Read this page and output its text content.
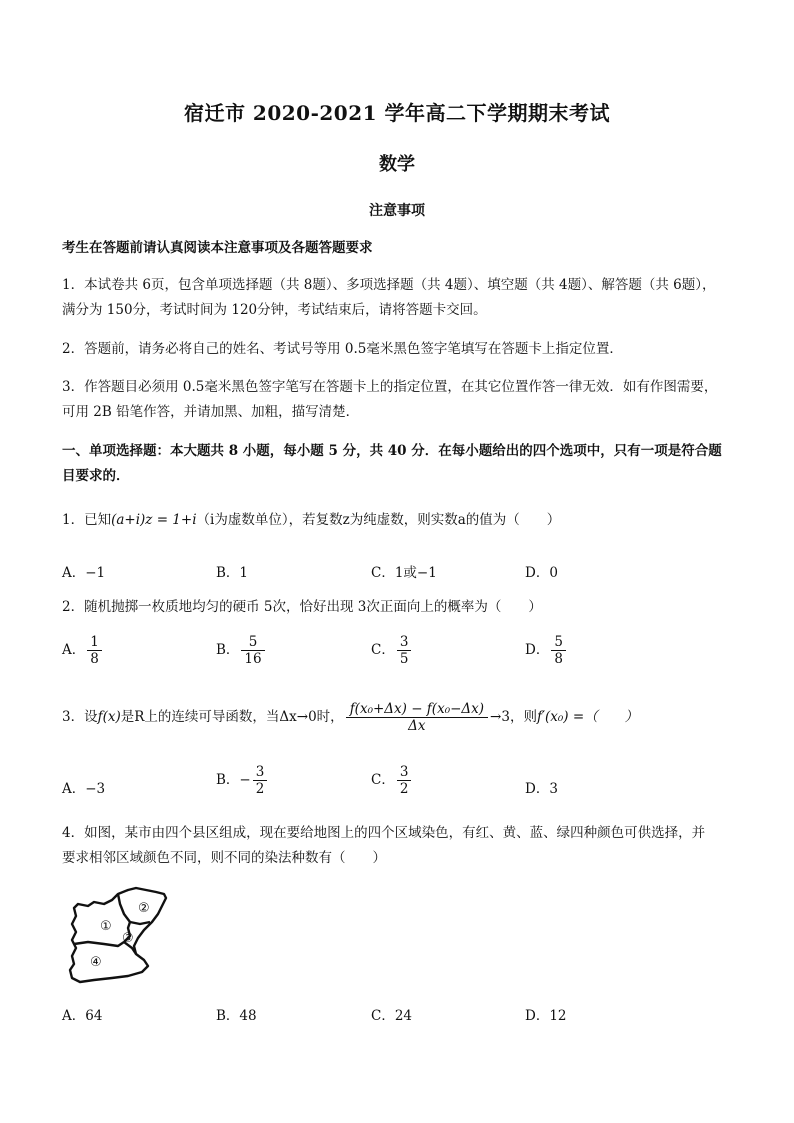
宿迁市 2020-2021 学年高二下学期期末考试
数学
注意事项
考生在答题前请认真阅读本注意事项及各题答题要求
1．本试卷共 6页，包含单项选择题（共 8题）、多项选择题（共 4题）、填空题（共 4题）、解答题（共 6题），
满分为 150分，考试时间为 120分钟，考试结束后，请将答题卡交回。
2．答题前，请务必将自己的姓名、考试号等用 0.5毫米黑色签字笔填写在答题卡上指定位置．
3．作答题目必须用 0.5毫米黑色签字笔写在答题卡上的指定位置，在其它位置作答一律无效．如有作图需要，
可用 2B 铅笔作答，并请加黑、加粗，描写清楚．
一、单项选择题：本大题共 8 小题，每小题 5 分，共 40 分．在每小题给出的四个选项中，只有一项是符合题
目要求的．
1．已知(a+i)z = 1+i（i为虚数单位），若复数z为纯虚数，则实数a的值为（　　）
A．−1	B．1	C．1或−1	D．0
2．随机抛掷一枚质地均匀的硬币 5次，恰好出现 3次正面向上的概率为（　　）
A． $\frac{1}{8}$	B． $\frac{5}{16}$	C． $\frac{3}{5}$	D． $\frac{5}{8}$
3．设f(x)是R上的连续可导函数，当Δx→0时， $\frac{\text{f(x₀+Δx) − f(x₀−Δx)}}{\Delta x} \to 3$，则f′(x₀) =（　　）
A．−3
B．− $\frac{3}{2}$	C． $\frac{3}{2}$	D．3
4．如图，某市由四个县区组成，现在要给地图上的四个区域染色，有红、黄、蓝、绿四种颜色可供选择，并
要求相邻区域颜色不同，则不同的染法种数有（　　）
①
②
③
④
A．64	B．48	C．24	D．12
